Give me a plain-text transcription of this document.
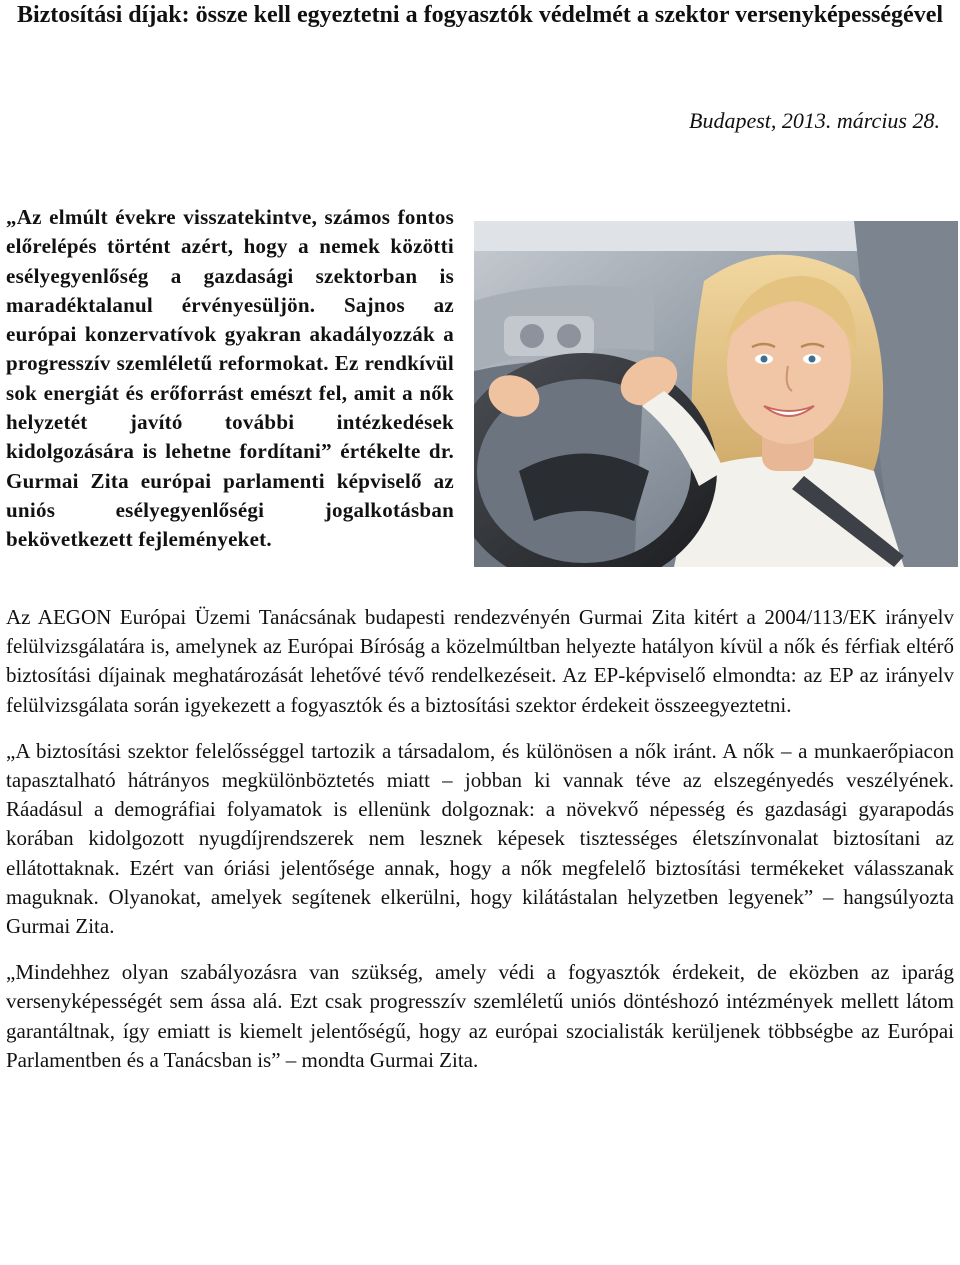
Biztosítási díjak: össze kell egyeztetni a fogyasztók védelmét a szektor versenyképességével

Budapest, 2013. március 28.

„Az elmúlt évekre visszatekintve, számos fontos előrelépés történt azért, hogy a nemek közötti esélyegyenlőség a gazdasági szektorban is maradéktalanul érvényesüljön. Sajnos az európai konzervatívok gyakran akadályozzák a progresszív szemléletű reformokat. Ez rendkívül sok energiát és erőforrást emészt fel, amit a nők helyzetét javító további intézkedések kidolgozására is lehetne fordítani” értékelte dr. Gurmai Zita európai parlamenti képviselő az uniós esélyegyenlőségi jogalkotásban bekövetkezett fejleményeket.

Az AEGON Európai Üzemi Tanácsának budapesti rendezvényén Gurmai Zita kitért a 2004/113/EK irányelv felülvizsgálatára is, amelynek az Európai Bíróság a közelmúltban helyezte hatályon kívül a nők és férfiak eltérő biztosítási díjainak meghatározását lehetővé tévő rendelkezéseit. Az EP-képviselő elmondta: az EP az irányelv felülvizsgálata során igyekezett a fogyasztók és a biztosítási szektor érdekeit összeegyeztetni.

„A biztosítási szektor felelősséggel tartozik a társadalom, és különösen a nők iránt. A nők – a munkaerőpiacon tapasztalható hátrányos megkülönböztetés miatt – jobban ki vannak téve az elszegényedés veszélyének. Ráadásul a demográfiai folyamatok is ellenünk dolgoznak: a növekvő népesség és gazdasági gyarapodás korában kidolgozott nyugdíjrendszerek nem lesznek képesek tisztességes életszínvonalat biztosítani az ellátottaknak. Ezért van óriási jelentősége annak, hogy a nők megfelelő biztosítási termékeket válasszanak maguknak. Olyanokat, amelyek segítenek elkerülni, hogy kilátástalan helyzetben legyenek” – hangsúlyozta Gurmai Zita.

„Mindehhez olyan szabályozásra van szükség, amely védi a fogyasztók érdekeit, de eközben az iparág versenyképességét sem ássa alá. Ezt csak progresszív szemléletű uniós döntéshozó intézmények mellett látom garantáltnak, így emiatt is kiemelt jelentőségű, hogy az európai szocialisták kerüljenek többségbe az Európai Parlamentben és a Tanácsban is” – mondta Gurmai Zita.
